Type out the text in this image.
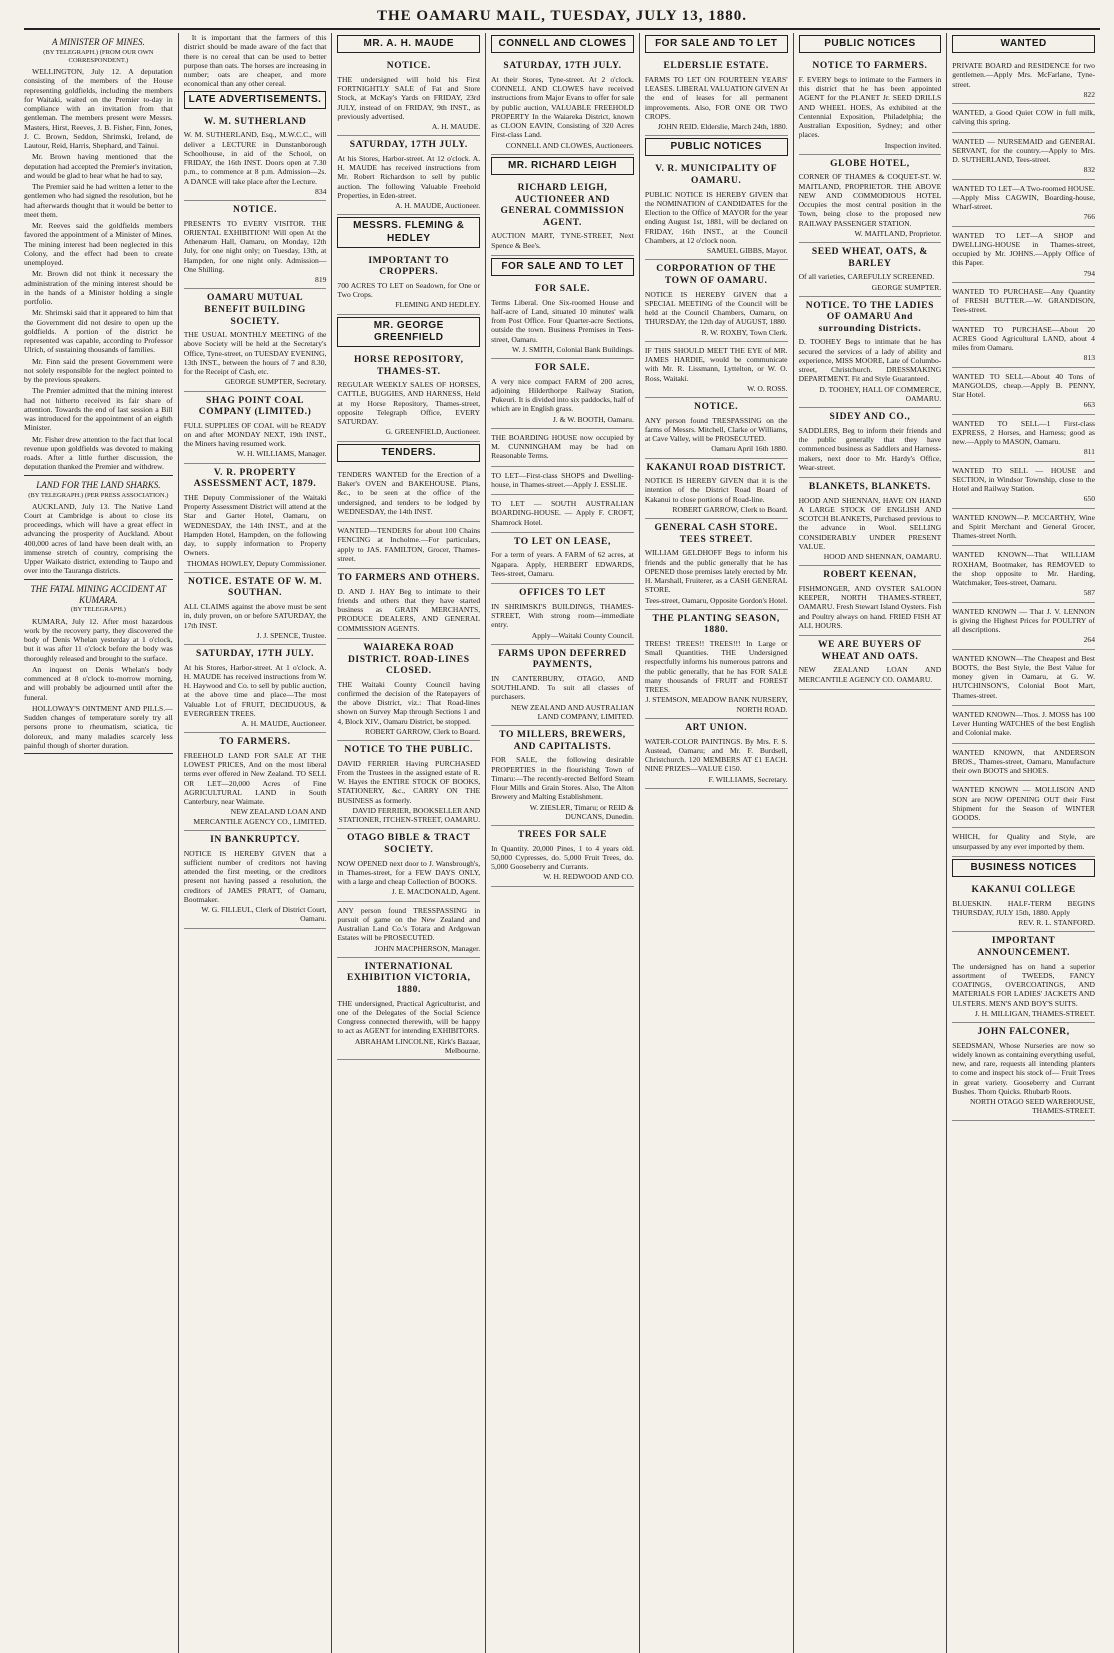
THE OAMARU MAIL, TUESDAY, JULY 13, 1880.
A MINISTER OF MINES.
(BY TELEGRAPH.) (FROM OUR OWN CORRESPONDENT.)

WELLINGTON, July 12. A deputation consisting of the members of the House representing goldfields, including the members for Waitaki, waited on the Premier to-day in compliance with an invitation from that gentleman. The members present were Messrs. Masters, Hirst, Reeves, J. B. Fisher, Finn, Jones, J. C. Brown, Seddon, Shrimski, Ireland, de Lautour, Reid, Harris, Shephard, and Tainui.

Mr. Brown having mentioned that the deputation had accepted the Premier's invitation, and would be glad to hear what he had to say,

The Premier said he had written a letter to the gentlemen who had signed the resolution, but he had afterwards thought that it would be better to meet them.

Mr. Reeves said the goldfields members favored the appointment of a Minister of Mines. The mining interest had been neglected in this Colony, and the effect had been to create unemployed.

Mr. Brown did not think it necessary the administration of the mining interest should be in the hands of a Minister holding a single portfolio.

Mr. Shrimski said that it appeared to him that the Government did not desire to open up the goldfields. A portion of the district he represented was capable, according to Professor Ulrich, of sustaining thousands of families.

Mr. Finn said the present Government were not solely responsible for the neglect pointed to by the previous speakers.

The Premier admitted that the mining interest had not hitherto received its fair share of attention. Towards the end of last session a Bill was introduced for the appointment of an eighth Minister.

Mr. Fisher drew attention to the fact that local revenue upon goldfields was devoted to making roads. After a little further discussion, the deputation thanked the Premier and withdrew.

LAND FOR THE LAND SHARKS.
(BY TELEGRAPH.) (PER PRESS ASSOCIATION.)

AUCKLAND, July 13. The Native Land Court at Cambridge is about to close its proceedings, which will have a great effect in advancing the prosperity of Auckland. About 400,000 acres of land have been dealt with, an immense stretch of country, comprising the Upper Waikato district, extending to Taupo and over into the Tauranga districts.

THE FATAL MINING ACCIDENT AT KUMARA.
(BY TELEGRAPH.)

KUMARA, July 12. After most hazardous work by the recovery party, they discovered the body of Denis Whelan yesterday at 1 o'clock, but it was after 11 o'clock before the body was thoroughly released and brought to the surface.

An inquest on Denis Whelan's body commenced at 8 o'clock to-morrow morning, and will probably be adjourned until after the funeral.

HOLLOWAY'S OINTMENT AND PILLS.— Sudden changes of temperature sorely try all persons prone to rheumatism, sciatica, tic doloreux, and many maladies scarcely less painful though of shorter duration.

It is important that the farmers of this district should be made aware of the fact that there is no cereal that can be used to better purpose than oats. The horses are increasing in number; oats are cheaper, and more economical than any other cereal.

LATE ADVERTISEMENTS.
W. M. SUTHERLAND
W. M. SUTHERLAND, Esq., M.W.C.C., will deliver a LECTURE in Dunstanborough Schoolhouse, in aid of the School, on FRIDAY, the 16th INST. Doors open at 7.30 p.m., to commence at 8 p.m. Admission—2s. A DANCE will take place after the Lecture.
834
NOTICE.
PRESENTS TO EVERY VISITOR. THE ORIENTAL EXHIBITION! Will open At the Athenæum Hall, Oamaru, on Monday, 12th July, for one night only; on Tuesday, 13th, at Hampden, for one night only. Admission—One Shilling.
819
OAMARU MUTUAL BENEFIT BUILDING SOCIETY.
THE USUAL MONTHLY MEETING of the above Society will be held at the Secretary's Office, Tyne-street, on TUESDAY EVENING, 13th INST., between the hours of 7 and 8.30, for the Receipt of Cash, etc.
GEORGE SUMPTER, Secretary.
SHAG POINT COAL COMPANY (LIMITED.)
FULL SUPPLIES OF COAL will be READY on and after MONDAY NEXT, 19th INST., the Miners having resumed work.
W. H. WILLIAMS, Manager.
V. R. PROPERTY ASSESSMENT ACT, 1879.
THE Deputy Commissioner of the Waitaki Property Assessment District will attend at the Star and Garter Hotel, Oamaru, on WEDNESDAY, the 14th INST., and at the Hampden Hotel, Hampden, on the following day, to supply information to Property Owners.
THOMAS HOWLEY, Deputy Commissioner.
NOTICE. ESTATE OF W. M. SOUTHAN.
ALL CLAIMS against the above must be sent in, duly proven, on or before SATURDAY, the 17th INST.
J. J. SPENCE, Trustee.
SATURDAY, 17TH JULY.
At his Stores, Harbor-street. At 1 o'clock. A. H. MAUDE has received instructions from W. H. Haywood and Co. to sell by public auction, at the above time and place—The most Valuable Lot of FRUIT, DECIDUOUS, & EVERGREEN TREES.
A. H. MAUDE, Auctioneer.
TO FARMERS.
FREEHOLD LAND FOR SALE AT THE LOWEST PRICES, And on the most liberal terms ever offered in New Zealand. TO SELL OR LET—20,000 Acres of Fine AGRICULTURAL LAND in South Canterbury, near Waimate.
NEW ZEALAND LOAN AND MERCANTILE AGENCY CO., LIMITED.
IN BANKRUPTCY.
NOTICE IS HEREBY GIVEN that a sufficient number of creditors not having attended the first meeting, or the creditors present not having passed a resolution, the creditors of JAMES PRATT, of Oamaru, Bootmaker.
W. G. FILLEUL, Clerk of District Court, Oamaru.
MR. A. H. MAUDE
NOTICE.
THE undersigned will hold his First FORTNIGHTLY SALE of Fat and Store Stock, at McKay's Yards on FRIDAY, 23rd JULY, instead of on FRIDAY, 9th INST., as previously advertised.
A. H. MAUDE.
SATURDAY, 17TH JULY.
At his Stores, Harbor-street. At 12 o'clock. A. H. MAUDE has received instructions from Mr. Robert Richardson to sell by public auction. The following Valuable Freehold Properties, in Eden-street.
A. H. MAUDE, Auctioneer.
MESSRS. FLEMING & HEDLEY
IMPORTANT TO CROPPERS.
700 ACRES TO LET on Seadown, for One or Two Crops.
FLEMING AND HEDLEY.
MR. GEORGE GREENFIELD
HORSE REPOSITORY, THAMES-ST.
REGULAR WEEKLY SALES OF HORSES, CATTLE, BUGGIES, AND HARNESS, Held at my Horse Repository, Thames-street, opposite Telegraph Office, EVERY SATURDAY.
G. GREENFIELD, Auctioneer.
TENDERS.
TENDERS WANTED for the Erection of a Baker's OVEN and BAKEHOUSE. Plans, &c., to be seen at the office of the undersigned, and tenders to be lodged by WEDNESDAY, the 14th INST.
WANTED—TENDERS for about 100 Chains FENCING at Incholme.—For particulars, apply to JAS. FAMILTON, Grocer, Thames-street.
TO FARMERS AND OTHERS.
D. AND J. HAY Beg to intimate to their friends and others that they have started business as GRAIN MERCHANTS, PRODUCE DEALERS, AND GENERAL COMMISSION AGENTS.
WAIAREKA ROAD DISTRICT. ROAD-LINES CLOSED.
THE Waitaki County Council having confirmed the decision of the Ratepayers of the above District, viz.: That Road-lines shown on Survey Map through Sections 1 and 4, Block XIV., Oamaru District, be stopped.
ROBERT GARROW, Clerk to Board.
NOTICE TO THE PUBLIC.
DAVID FERRIER Having PURCHASED From the Trustees in the assigned estate of R. W. Hayes the ENTIRE STOCK OF BOOKS, STATIONERY, &c., CARRY ON THE BUSINESS as formerly.
DAVID FERRIER, BOOKSELLER AND STATIONER, ITCHEN-STREET, OAMARU.
OTAGO BIBLE & TRACT SOCIETY.
NOW OPENED next door to J. Wansbrough's, in Thames-street, for a FEW DAYS ONLY, with a large and cheap Collection of BOOKS.
J. E. MACDONALD, Agent.
ANY person found TRESSPASSING in pursuit of game on the New Zealand and Australian Land Co.'s Totara and Ardgowan Estates will be PROSECUTED.
JOHN MACPHERSON, Manager.
INTERNATIONAL EXHIBITION VICTORIA, 1880.
THE undersigned, Practical Agriculturist, and one of the Delegates of the Social Science Congress connected therewith, will be happy to act as AGENT for intending EXHIBITORS.
ABRAHAM LINCOLNE, Kirk's Bazaar, Melbourne.
CONNELL AND CLOWES
SATURDAY, 17TH JULY.
At their Stores, Tyne-street. At 2 o'clock. CONNELL AND CLOWES have received instructions from Major Evans to offer for sale by public auction, VALUABLE FREEHOLD PROPERTY In the Waiareka District, known as CLOON EAVIN, Consisting of 320 Acres First-class Land.
CONNELL AND CLOWES, Auctioneers.
MR. RICHARD LEIGH
RICHARD LEIGH, AUCTIONEER AND GENERAL COMMISSION AGENT.
AUCTION MART, TYNE-STREET, Next Spence & Bee's.
FOR SALE AND TO LET
FOR SALE.
Terms Liberal. One Six-roomed House and half-acre of Land, situated 10 minutes' walk from Post Office. Four Quarter-acre Sections, outside the town. Business Premises in Tees-street, Oamaru.
W. J. SMITH, Colonial Bank Buildings.
FOR SALE.
A very nice compact FARM of 200 acres, adjoining Hilderthorpe Railway Station, Pukeuri. It is divided into six paddocks, half of which are in English grass.
J. & W. BOOTH, Oamaru.
THE BOARDING HOUSE now occupied by M. CUNNINGHAM may be had on Reasonable Terms.
TO LET—First-class SHOPS and Dwelling-house, in Thames-street.—Apply J. ESSLIE.
TO LET — SOUTH AUSTRALIAN BOARDING-HOUSE. — Apply F. CROFT, Shamrock Hotel.
TO LET ON LEASE,
For a term of years. A FARM of 62 acres, at Ngapara. Apply, HERBERT EDWARDS, Tees-street, Oamaru.
OFFICES TO LET
IN SHRIMSKI'S BUILDINGS, THAMES-STREET, With strong room—immediate entry.
Apply—Waitaki County Council.
FARMS UPON DEFERRED PAYMENTS,
IN CANTERBURY, OTAGO, AND SOUTHLAND. To suit all classes of purchasers.
NEW ZEALAND AND AUSTRALIAN LAND COMPANY, LIMITED.
TO MILLERS, BREWERS, AND CAPITALISTS.
FOR SALE, the following desirable PROPERTIES in the flourishing Town of Timaru:—The recently-erected Belford Steam Flour Mills and Grain Stores. Also, The Alton Brewery and Malting Establishment.
W. ZIESLER, Timaru; or REID & DUNCANS, Dunedin.
TREES FOR SALE
In Quantity. 20,000 Pines, 1 to 4 years old. 50,000 Cypresses, do. 5,000 Fruit Trees, do. 5,000 Gooseberry and Currants.
W. H. REDWOOD AND CO.
FOR SALE AND TO LET
ELDERSLIE ESTATE.
FARMS TO LET ON FOURTEEN YEARS' LEASES. LIBERAL VALUATION GIVEN At the end of leases for all permanent improvements. Also, FOR ONE OR TWO CROPS.
JOHN REID. Elderslie, March 24th, 1880.
PUBLIC NOTICES
V. R. MUNICIPALITY OF OAMARU.
PUBLIC NOTICE IS HEREBY GIVEN that the NOMINATION of CANDIDATES for the Election to the Office of MAYOR for the year ending August 1st, 1881, will be declared on FRIDAY, 16th INST., at the Council Chambers, at 12 o'clock noon.
SAMUEL GIBBS, Mayor.
CORPORATION OF THE TOWN OF OAMARU.
NOTICE IS HEREBY GIVEN that a SPECIAL MEETING of the Council will be held at the Council Chambers, Oamaru, on THURSDAY, the 12th day of AUGUST, 1880.
R. W. ROXBY, Town Clerk.
IF THIS SHOULD MEET THE EYE of MR. JAMES HARDIE, would be communicate with Mr. R. Lissmann, Lyttelton, or W. O. Ross, Waitaki.
W. O. ROSS.
NOTICE.
ANY person found TRESPASSING on the farms of Messrs. Mitchell, Clarke or Williams, at Cave Valley, will be PROSECUTED.
Oamaru April 16th 1880.
KAKANUI ROAD DISTRICT.
NOTICE IS HEREBY GIVEN that it is the intention of the District Road Board of Kakanui to close portions of Road-line.
ROBERT GARROW, Clerk to Board.
GENERAL CASH STORE. TEES STREET.
WILLIAM GELDHOFF Begs to inform his friends and the public generally that he has OPENED those premises lately erected by Mr. H. Marshall, Fruiterer, as a CASH GENERAL STORE.
Tees-street, Oamaru, Opposite Gordon's Hotel.
THE PLANTING SEASON, 1880.
TREES! TREES!! TREES!!! In Large or Small Quantities. THE Undersigned respectfully informs his numerous patrons and the public generally, that he has FOR SALE many thousands of FRUIT and FOREST TREES.
J. STEMSON, MEADOW BANK NURSERY, NORTH ROAD.
ART UNION.
WATER-COLOR PAINTINGS. By Mrs. F. S. Austead, Oamaru; and Mr. F. Burdsell, Christchurch. 120 MEMBERS AT £1 EACH. NINE PRIZES—VALUE £150.
F. WILLIAMS, Secretary.
PUBLIC NOTICES
NOTICE TO FARMERS.
F. EVERY begs to intimate to the Farmers in this district that he has been appointed AGENT for the PLANET Jr. SEED DRILLS AND WHEEL HOES, As exhibited at the Centennial Exposition, Philadelphia; the Australian Exposition, Sydney; and other places.
Inspection invited.
GLOBE HOTEL,
CORNER OF THAMES & COQUET-ST. W. MAITLAND, PROPRIETOR. THE ABOVE NEW AND COMMODIOUS HOTEL Occupies the most central position in the Town, being close to the proposed new RAILWAY PASSENGER STATION.
W. MAITLAND, Proprietor.
SEED WHEAT, OATS, & BARLEY
Of all varieties, CAREFULLY SCREENED.
GEORGE SUMPTER.
NOTICE. TO THE LADIES OF OAMARU And surrounding Districts.
D. TOOHEY Begs to intimate that he has secured the services of a lady of ability and experience, MISS MOORE, Late of Columbo-street, Christchurch. DRESSMAKING DEPARTMENT. Fit and Style Guaranteed.
D. TOOHEY, HALL OF COMMERCE, OAMARU.
SIDEY AND CO.,
SADDLERS, Beg to inform their friends and the public generally that they have commenced business as Saddlers and Harness-makers, next door to Mr. Hardy's Office, Wear-street.
BLANKETS, BLANKETS.
HOOD AND SHENNAN, HAVE ON HAND A LARGE STOCK OF ENGLISH AND SCOTCH BLANKETS, Purchased previous to the advance in Wool. SELLING CONSIDERABLY UNDER PRESENT VALUE.
HOOD AND SHENNAN, OAMARU.
ROBERT KEENAN,
FISHMONGER, AND OYSTER SALOON KEEPER, NORTH THAMES-STREET, OAMARU. Fresh Stewart Island Oysters. Fish and Poultry always on hand. FRIED FISH AT ALL HOURS.
WE ARE BUYERS OF WHEAT AND OATS.
NEW ZEALAND LOAN AND MERCANTILE AGENCY CO. OAMARU.
WANTED
PRIVATE BOARD and RESIDENCE for two gentlemen.—Apply Mrs. McFarlane, Tyne-street.
822
WANTED, a Good Quiet COW in full milk, calving this spring.
WANTED — NURSEMAID and GENERAL SERVANT, for the country.—Apply to Mrs. D. SUTHERLAND, Tees-street.
832
WANTED TO LET—A Two-roomed HOUSE.—Apply Miss CAGWIN, Boarding-house, Wharf-street.
766
WANTED TO LET—A SHOP and DWELLING-HOUSE in Thames-street, occupied by Mr. JOHNS.—Apply Office of this Paper.
794
WANTED TO PURCHASE—Any Quantity of FRESH BUTTER.—W. GRANDISON, Tees-street.
WANTED TO PURCHASE—About 20 ACRES Good Agricultural LAND, about 4 miles from Oamaru.
813
WANTED TO SELL—About 40 Tons of MANGOLDS, cheap.—Apply B. PENNY, Star Hotel.
663
WANTED TO SELL—1 First-class EXPRESS, 2 Horses, and Harness; good as new.—Apply to MASON, Oamaru.
811
WANTED TO SELL — HOUSE and SECTION, in Windsor Township, close to the Hotel and Railway Station.
650
WANTED KNOWN—P. MCCARTHY, Wine and Spirit Merchant and General Grocer, Thames-street North.
WANTED KNOWN—That WILLIAM ROXHAM, Bootmaker, has REMOVED to the shop opposite to Mr. Harding, Watchmaker, Tees-street, Oamaru.
587
WANTED KNOWN — That J. V. LENNON is giving the Highest Prices for POULTRY of all descriptions.
264
WANTED KNOWN—The Cheapest and Best BOOTS, the Best Style, the Best Value for money given in Oamaru, at G. W. HUTCHINSON'S, Colonial Boot Mart, Thames-street.
WANTED KNOWN—Thos. J. MOSS has 100 Lever Hunting WATCHES of the best English and Colonial make.
WANTED KNOWN, that ANDERSON BROS., Thames-street, Oamaru, Manufacture their own BOOTS and SHOES.
WANTED KNOWN — MOLLISON AND SON are NOW OPENING OUT their First Shipment for the Season of WINTER GOODS.
WHICH, for Quality and Style, are unsurpassed by any ever imported by them.
BUSINESS NOTICES
KAKANUI COLLEGE
BLUESKIN. HALF-TERM BEGINS THURSDAY, JULY 15th, 1880. Apply
REV. R. L. STANFORD.
IMPORTANT ANNOUNCEMENT.
The undersigned has on hand a superior assortment of TWEEDS, FANCY COATINGS, OVERCOATINGS, AND MATERIALS FOR LADIES' JACKETS AND ULSTERS. MEN'S AND BOY'S SUITS.
J. H. MILLIGAN, THAMES-STREET.
JOHN FALCONER,
SEEDSMAN, Whose Nurseries are now so widely known as containing everything useful, new, and rare, requests all intending planters to come and inspect his stock of— Fruit Trees in great variety. Gooseberry and Currant Bushes. Thorn Quicks. Rhubarb Roots.
NORTH OTAGO SEED WAREHOUSE, THAMES-STREET.
